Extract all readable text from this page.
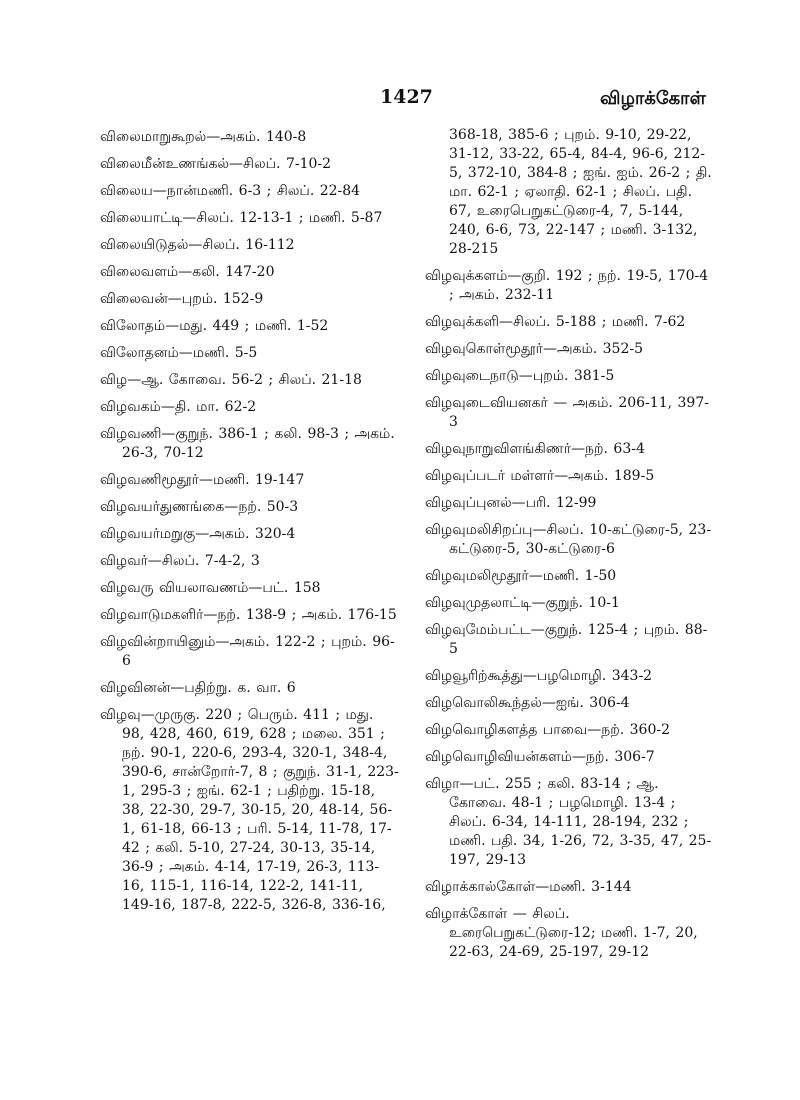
1427	விழாக்கோள்
விலைமாறுகூறல்—அகம். 140-8
விலைமீன்உணங்கல்—சிலப். 7-10-2
விலைய—நான்மணி. 6-3 ; சிலப். 22-84
விலையாட்டி—சிலப். 12-13-1 ; மணி. 5-87
விலையிடுதல்—சிலப். 16-112
விலைவளம்—கலி. 147-20
விலைவன்—புறம். 152-9
விலோதம்—மது. 449 ; மணி. 1-52
விலோதனம்—மணி. 5-5
விழ—ஆ. கோவை. 56-2 ; சிலப். 21-18
விழவகம்—தி. மா. 62-2
விழவணி—குறுந். 386-1 ; கலி. 98-3 ; அகம். 26-3, 70-12
விழவணிமூதூர்—மணி. 19-147
விழவயர்துணங்கை—நற். 50-3
விழவயர்மறுகு—அகம். 320-4
விழவர்—சிலப். 7-4-2, 3
விழவரு வியலாவணம்—பட். 158
விழவாடுமகளிர்—நற். 138-9 ; அகம். 176-15
விழவின்றாயினும்—அகம். 122-2 ; புறம். 96-6
விழவினன்—பதிற்று. க. வா. 6
விழவு—முருகு. 220 ; பெரும். 411 ; மது. 98, 428, 460, 619, 628 ; மலை. 351 ; நற். 90-1, 220-6, 293-4, 320-1, 348-4, 390-6, சான்றோர்-7, 8 ; குறுந். 31-1, 223-1, 295-3 ; ஐங். 62-1 ; பதிற்று. 15-18, 38, 22-30, 29-7, 30-15, 20, 48-14, 56-1, 61-18, 66-13 ; பரி. 5-14, 11-78, 17-42 ; கலி. 5-10, 27-24, 30-13, 35-14, 36-9 ; அகம். 4-14, 17-19, 26-3, 113-16, 115-1, 116-14, 122-2, 141-11, 149-16, 187-8, 222-5, 326-8, 336-16,
368-18, 385-6 ; புறம். 9-10, 29-22, 31-12, 33-22, 65-4, 84-4, 96-6, 212-5, 372-10, 384-8 ; ஐங். ஐம். 26-2 ; தி. மா. 62-1 ; ஏலாதி. 62-1 ; சிலப். பதி. 67, உரைபெறுகட்டுரை-4, 7, 5-144, 240, 6-6, 73, 22-147 ; மணி. 3-132, 28-215
விழவுக்களம்—குறி. 192 ; நற். 19-5, 170-4 ; அகம். 232-11
விழவுக்களி—சிலப். 5-188 ; மணி. 7-62
விழவுகொள்மூதூர்—அகம். 352-5
விழவுடைநாடு—புறம். 381-5
விழவுடைவியனகர் — அகம். 206-11, 397-3
விழவுநாறுவிளங்கிணர்—நற். 63-4
விழவுப்படர் மள்ளர்—அகம். 189-5
விழவுப்புனல்—பரி. 12-99
விழவுமலிசிறப்பு—சிலப். 10-கட்டுரை-5, 23-கட்டுரை-5, 30-கட்டுரை-6
விழவுமலிமூதூர்—மணி. 1-50
விழவுமுதலாட்டி—குறுந். 10-1
விழவுமேம்பட்ட—குறுந். 125-4 ; புறம். 88-5
விழவூரிற்கூத்து—பழமொழி. 343-2
விழவொலிகூந்தல்—ஐங். 306-4
விழவொழிகளத்த பாவை—நற். 360-2
விழவொழிவியன்களம்—நற். 306-7
விழா—பட். 255 ; கலி. 83-14 ; ஆ. கோவை. 48-1 ; பழமொழி. 13-4 ; சிலப். 6-34, 14-111, 28-194, 232 ; மணி. பதி. 34, 1-26, 72, 3-35, 47, 25-197, 29-13
விழாக்கால்கோள்—மணி. 3-144
விழாக்கோள் — சிலப். உரைபெறுகட்டுரை-12; மணி. 1-7, 20, 22-63, 24-69, 25-197, 29-12
